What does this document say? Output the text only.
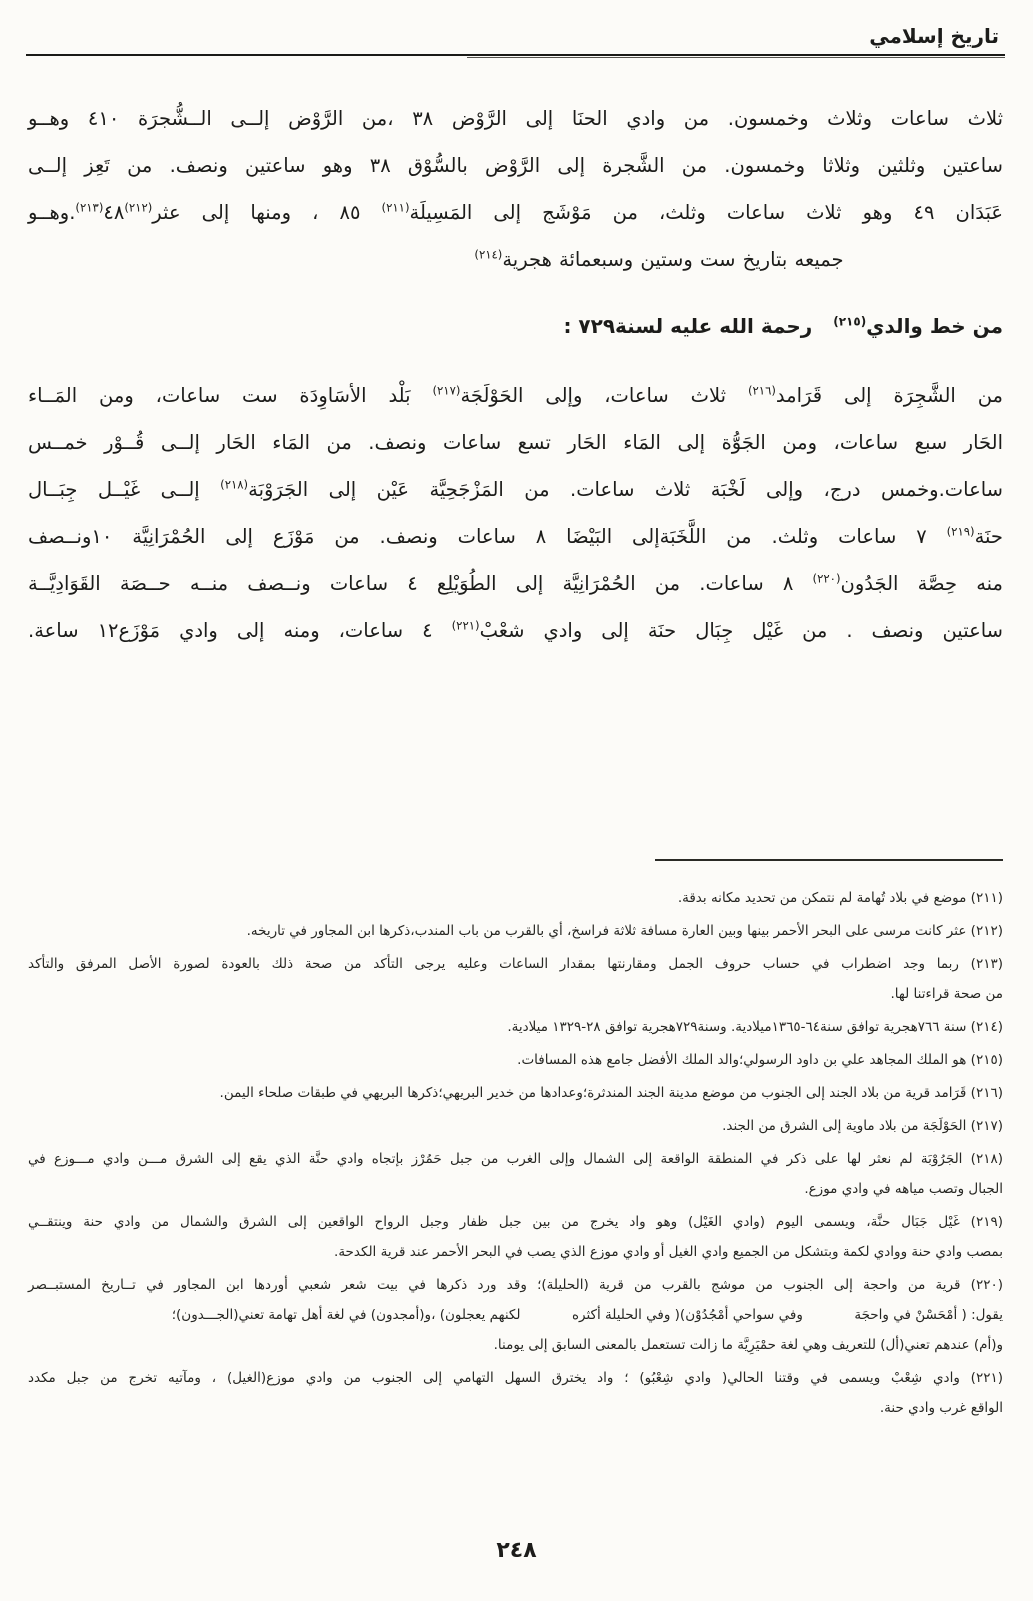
تاريخ إسلامي
ثلاث ساعات وثلاث وخمسون. من وادي الحنَا إلى الرَّوْض ٣٨ ،من الرَّوْض إلــى الــشُّجرَة ٤١٠ وهــو
ساعتين وثلثين وثلاثا وخمسون. من الشَّجرة إلى الرَّوْض بالسُّوْق ٣٨ وهو ساعتين ونصف. من تَعِز إلــى
عَبَدَان ٤٩ وهو ثلاث ساعات وثلث، من مَوْشَج إلى المَسِيلَة$^{(٢١١)}$ ٨٥ ، ومنها إلى عثر$^{(٢١٢)}$٤٨$^{(٢١٣)}$.وهــو
جميعه بتاريخ ست وستين وسبعمائة هجرية$^{(٢١٤)}$
من خط والدي$^{(٢١٥)}$   رحمة الله عليه لسنة٧٢٩ :
من الشَّجِرَة إلى قَرَامد$^{(٢١٦)}$ ثلاث ساعات، وإلى الحَوْلَجَة$^{(٢١٧)}$ بَلْد الأسَاوِدَة ست ساعات، ومن المَــاء
الحَار سبع ساعات، ومن الجَوُّة إلى المَاء الحَار تسع ساعات ونصف. من المَاء الحَار إلــى قُــوْر خمــس
ساعات.وخمس درج، وإلى لَخْبَة ثلاث ساعات. من المَزْجَحِيَّة عَيْن إلى الجَرَوْبَة$^{(٢١٨)}$ إلــى غَيْــل جِبَــال
حنَة$^{(٢١٩)}$ ٧ ساعات وثلث. من اللَّخَبَةإلى البَيْضَا ٨ ساعات ونصف. من مَوْزَع إلى الحُمْرَانِيَّة ١٠ونــصف
منه حِصَّة الجَدُون$^{(٢٢٠)}$ ٨ ساعات. من الحُمْرَانِيَّة إلى الطُوَيْلِع ٤ ساعات ونــصف منــه حــصَة القَوَادِيَّــة
ساعتين ونصف . من غَيْل جِبَال حنَة إلى وادي شعْبْ$^{(٢٢١)}$ ٤ ساعات، ومنه إلى وادي مَوْزَع١٢ ساعة.
(٢١١) موضع في بلاد تُهامة لم نتمكن من تحديد مكانه بدقة.
(٢١٢) عثر كانت مرسى على البحر الأحمر بينها وبين العارة مسافة ثلاثة فراسخ، أي بالقرب من باب المندب،ذكرها ابن المجاور في تاريخه.
(٢١٣) ربما وجد اضطراب في حساب حروف الجمل ومقارنتها بمقدار الساعات وعليه يرجى التأكد من صحة ذلك بالعودة لصورة الأصل المرفق والتأكد
من صحة قراءتنا لها.
(٢١٤) سنة ٧٦٦هجرية توافق سنة٦٤-١٣٦٥ميلادية. وسنة٧٢٩هجرية توافق ٢٨-١٣٢٩ ميلادية.
(٢١٥) هو الملك المجاهد علي بن داود الرسولي؛والد الملك الأفضل جامع هذه المسافات.
(٢١٦) قَرَامد قرية من بلاد الجند إلى الجنوب من موضع مدينة الجند المندثرة؛وعدادها من خدير البريهي؛ذكرها البريهي في طبقات صلحاء اليمن.
(٢١٧) الحَوْلَجَة من بلاد ماوية إلى الشرق من الجند.
(٢١٨) الجَرُوْبَة لم نعثر لها على ذكر في المنطقة الواقعة إلى الشمال وإلى الغرب من جبل حَمُرْز بإتجاه وادي حنَّة الذي يقع إلى الشرق مـــن وادي مـــوزع في
الجبال وتصب مياهه في وادي موزع.
(٢١٩) غَيْل جَبَال حنَّة، ويسمى اليوم (وادي الغَيْل) وهو واد يخرج من بين جبل ظفار وجبل الرواح الواقعين إلى الشرق والشمال من وادي حنة وينتقــي
بمصب وادي حنة ووادي لكمة وبتشكل من الجميع وادي الغيل أو وادي موزع الذي يصب في البحر الأحمر عند قرية الكدحة.
(٢٢٠) قرية من واحجة إلى الجنوب من موشج بالقرب من قرية (الحليلة)؛ وقد ورد ذكرها في بيت شعر شعبي أوردها ابن المجاور في تــاريخ المستبــصر
يقول: ( أمْحَسْنْ في واحجَة            وفي سواحي أمْجُدُوْن)( وفي الحليلة أكثره            لكنهم يعجلون) ،و(أمجدون) في لغة أهل تهامة تعني(الجـــدون)؛
و(أم) عندهم تعني(أل) للتعريف وهي لغة حمْيَرِيَّة ما زالت تستعمل بالمعنى السابق إلى يومنا.
(٢٢١) وادي شِعْبْ ويسمى في وقتنا الحالي( وادي شِعْبُو) ؛ واد يخترق السهل التهامي إلى الجنوب من وادي موزع(الغيل) ، ومآتيه تخرج من جبل مكدد
الواقع غرب وادي حنة.
٢٤٨
